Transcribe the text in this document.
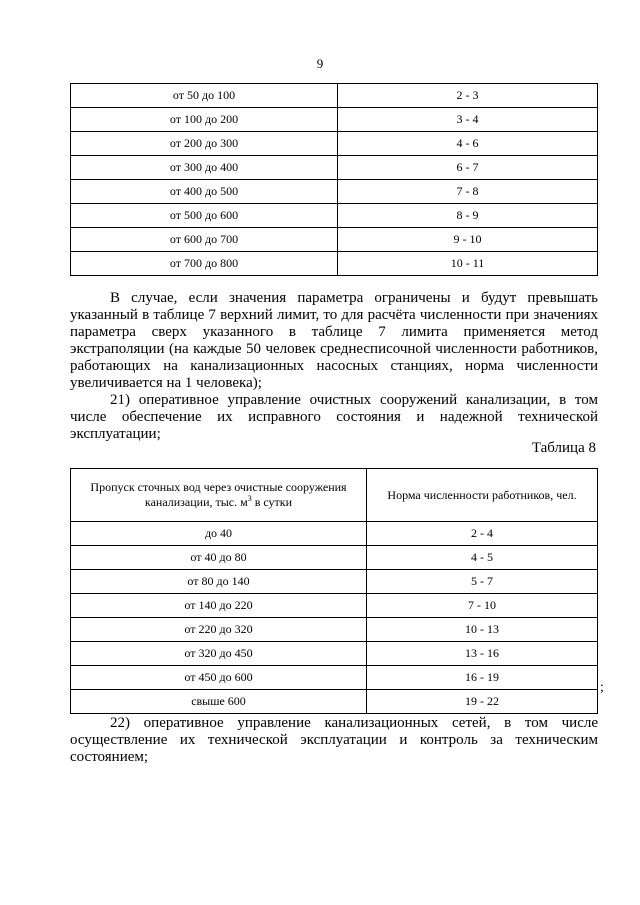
9
от 50 до 100	2 - 3
от 100 до 200	3 - 4
от 200 до 300	4 - 6
от 300 до 400	6 - 7
от 400 до 500	7 - 8
от 500 до 600	8 - 9
от 600 до 700	9 - 10
от 700 до 800	10 - 11

В случае, если значения параметра ограничены и будут превышать указанный в таблице 7 верхний лимит, то для расчёта численности при значениях параметра сверх указанного в таблице 7 лимита применяется метод экстраполяции (на каждые 50 человек среднесписочной численности работников, работающих на канализационных насосных станциях, норма численности увеличивается на 1 человека);

21) оперативное управление очистных сооружений канализации, в том числе обеспечение их исправного состояния и надежной технической эксплуатации;

Таблица 8
Пропуск сточных вод через очистные сооружения
канализации, тыс. $м^3$ в сутки	Норма численности работников, чел.
до 40	2 - 4
от 40 до 80	4 - 5
от 80 до 140	5 - 7
от 140 до 220	7 - 10
от 220 до 320	10 - 13
от 320 до 450	13 - 16
от 450 до 600	16 - 19
свыше 600	19 - 22
;

22) оперативное управление канализационных сетей, в том числе осуществление их технической эксплуатации и контроль за техническим состоянием;
